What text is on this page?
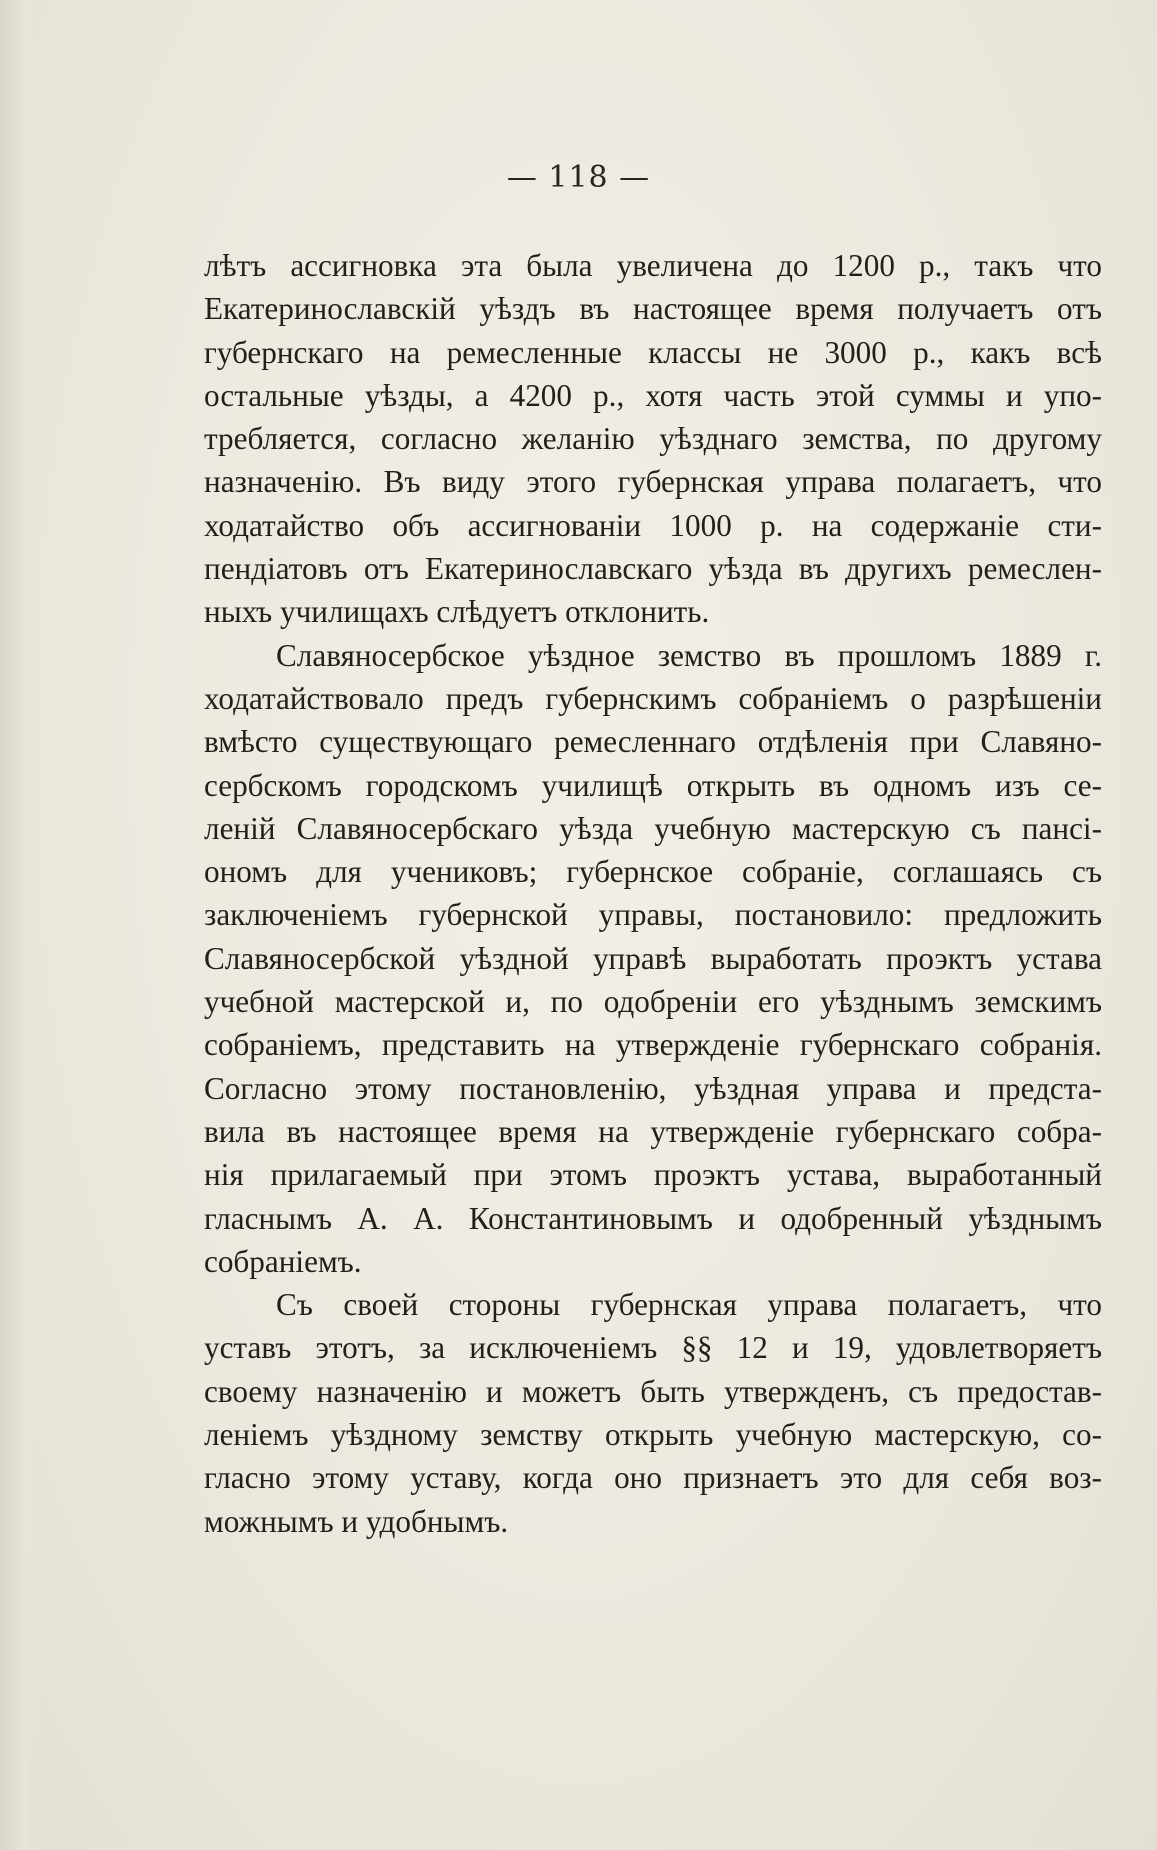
— 118 —
лѣтъ ассигновка эта была увеличена до 1200 р., такъ что
Екатеринославскій уѣздъ въ настоящее время получаетъ отъ
губернскаго на ремесленные классы не 3000 р., какъ всѣ
остальные уѣзды, а 4200 р., хотя часть этой суммы и упо-
требляется, согласно желанію уѣзднаго земства, по другому
назначенію. Въ виду этого губернская управа полагаетъ, что
ходатайство объ ассигнованіи 1000 р. на содержаніе сти-
пендіатовъ отъ Екатеринославскаго уѣзда въ другихъ ремеслен-
ныхъ училищахъ слѣдуетъ отклонить.
Славяносербское уѣздное земство въ прошломъ 1889 г.
ходатайствовало предъ губернскимъ собраніемъ о разрѣшеніи
вмѣсто существующаго ремесленнаго отдѣленія при Славяно-
сербскомъ городскомъ училищѣ открыть въ одномъ изъ се-
леній Славяносербскаго уѣзда учебную мастерскую съ пансі-
ономъ для учениковъ; губернское собраніе, соглашаясь съ
заключеніемъ губернской управы, постановило: предложить
Славяносербской уѣздной управѣ выработать проэктъ устава
учебной мастерской и, по одобреніи его уѣзднымъ земскимъ
собраніемъ, представить на утвержденіе губернскаго собранія.
Согласно этому постановленію, уѣздная управа и предста-
вила въ настоящее время на утвержденіе губернскаго собра-
нія прилагаемый при этомъ проэктъ устава, выработанный
гласнымъ А. А. Константиновымъ и одобренный уѣзднымъ
собраніемъ.
Съ своей стороны губернская управа полагаетъ, что
уставъ этотъ, за исключеніемъ §§ 12 и 19, удовлетворяетъ
своему назначенію и можетъ быть утвержденъ, съ предостав-
леніемъ уѣздному земству открыть учебную мастерскую, со-
гласно этому уставу, когда оно признаетъ это для себя воз-
можнымъ и удобнымъ.
